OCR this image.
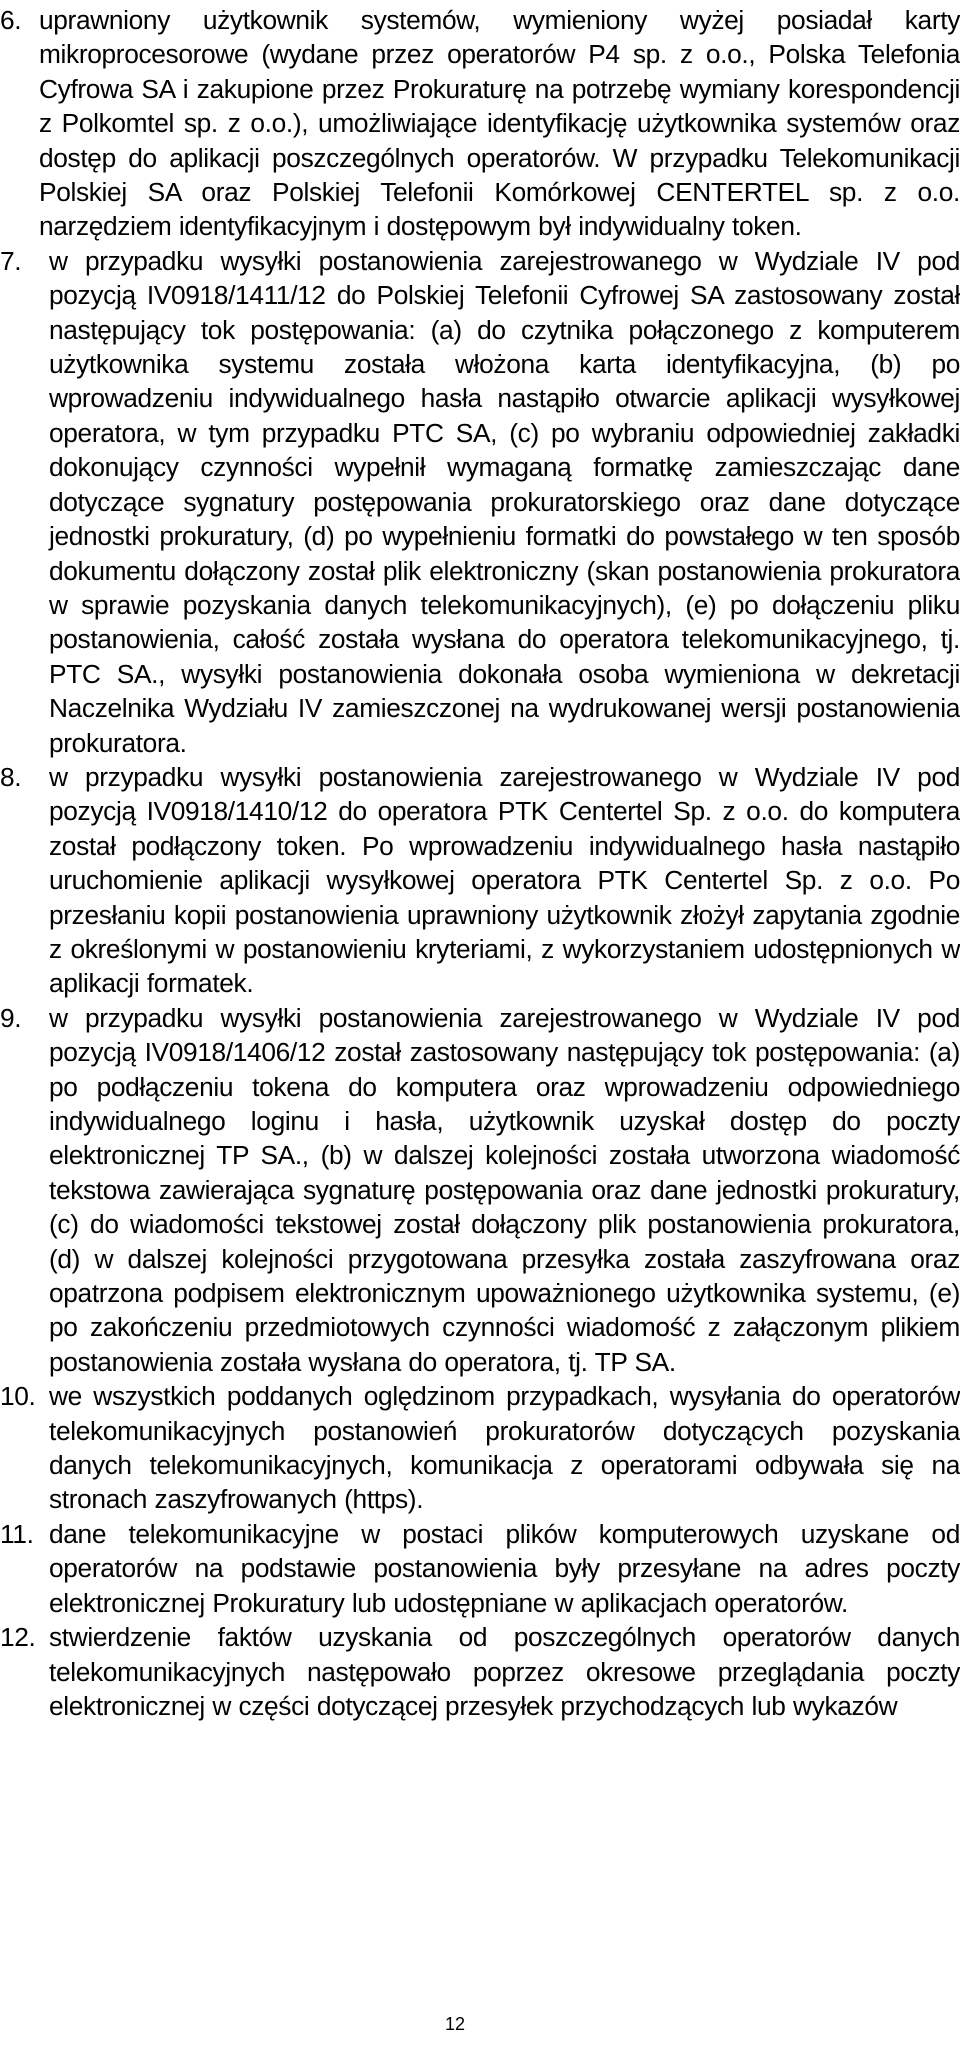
6. uprawniony użytkownik systemów, wymieniony wyżej posiadał karty mikroprocesorowe (wydane przez operatorów P4 sp. z o.o., Polska Telefonia Cyfrowa SA i zakupione przez Prokuraturę na potrzebę wymiany korespondencji z Polkomtel sp. z o.o.), umożliwiające identyfikację użytkownika systemów oraz dostęp do aplikacji poszczególnych operatorów. W przypadku Telekomunikacji Polskiej SA oraz Polskiej Telefonii Komórkowej CENTERTEL sp. z o.o. narzędziem identyfikacyjnym i dostępowym był indywidualny token.
7.	w przypadku wysyłki postanowienia zarejestrowanego w Wydziale IV pod pozycją IV0918/1411/12 do Polskiej Telefonii Cyfrowej SA zastosowany został następujący tok postępowania: (a) do czytnika połączonego z komputerem użytkownika systemu została włożona karta identyfikacyjna, (b) po wprowadzeniu indywidualnego hasła nastąpiło otwarcie aplikacji wysyłkowej operatora, w tym przypadku PTC SA, (c) po wybraniu odpowiedniej zakładki dokonujący czynności wypełnił wymaganą formatkę zamieszczając dane dotyczące sygnatury postępowania prokuratorskiego oraz dane dotyczące jednostki prokuratury, (d) po wypełnieniu formatki do powstałego w ten sposób dokumentu dołączony został plik elektroniczny (skan postanowienia prokuratora w sprawie pozyskania danych telekomunikacyjnych), (e) po dołączeniu pliku postanowienia, całość została wysłana do operatora telekomunikacyjnego, tj. PTC SA., wysyłki postanowienia dokonała osoba wymieniona w dekretacji Naczelnika Wydziału IV zamieszczonej na wydrukowanej wersji postanowienia prokuratora.
8.	w przypadku wysyłki postanowienia zarejestrowanego w Wydziale IV pod pozycją IV0918/1410/12 do operatora PTK Centertel Sp. z o.o. do komputera został podłączony token. Po wprowadzeniu indywidualnego hasła nastąpiło uruchomienie aplikacji wysyłkowej operatora PTK Centertel Sp. z o.o. Po przesłaniu kopii postanowienia uprawniony użytkownik złożył zapytania zgodnie z określonymi w postanowieniu kryteriami, z wykorzystaniem udostępnionych w aplikacji formatek.
9.	w przypadku wysyłki postanowienia zarejestrowanego w Wydziale IV pod pozycją IV0918/1406/12 został zastosowany następujący tok postępowania: (a) po podłączeniu tokena do komputera oraz wprowadzeniu odpowiedniego indywidualnego loginu i hasła, użytkownik uzyskał dostęp do poczty elektronicznej TP SA., (b) w dalszej kolejności została utworzona wiadomość tekstowa zawierająca sygnaturę postępowania oraz dane jednostki prokuratury, (c) do wiadomości tekstowej został dołączony plik postanowienia prokuratora, (d) w dalszej kolejności przygotowana przesyłka została zaszyfrowana oraz opatrzona podpisem elektronicznym upoważnionego użytkownika systemu, (e) po zakończeniu przedmiotowych czynności wiadomość z załączonym plikiem postanowienia została wysłana do operatora, tj. TP SA.
10. we wszystkich poddanych oględzinom przypadkach, wysyłania do operatorów telekomunikacyjnych postanowień prokuratorów dotyczących pozyskania danych telekomunikacyjnych, komunikacja z operatorami odbywała się na stronach zaszyfrowanych (https).
11. dane telekomunikacyjne w postaci plików komputerowych uzyskane od operatorów na podstawie postanowienia były przesyłane na adres poczty elektronicznej Prokuratury lub udostępniane w aplikacjach operatorów.
12. stwierdzenie faktów uzyskania od poszczególnych operatorów danych telekomunikacyjnych następowało poprzez okresowe przeglądania poczty elektronicznej w części dotyczącej przesyłek przychodzących lub wykazów
12
